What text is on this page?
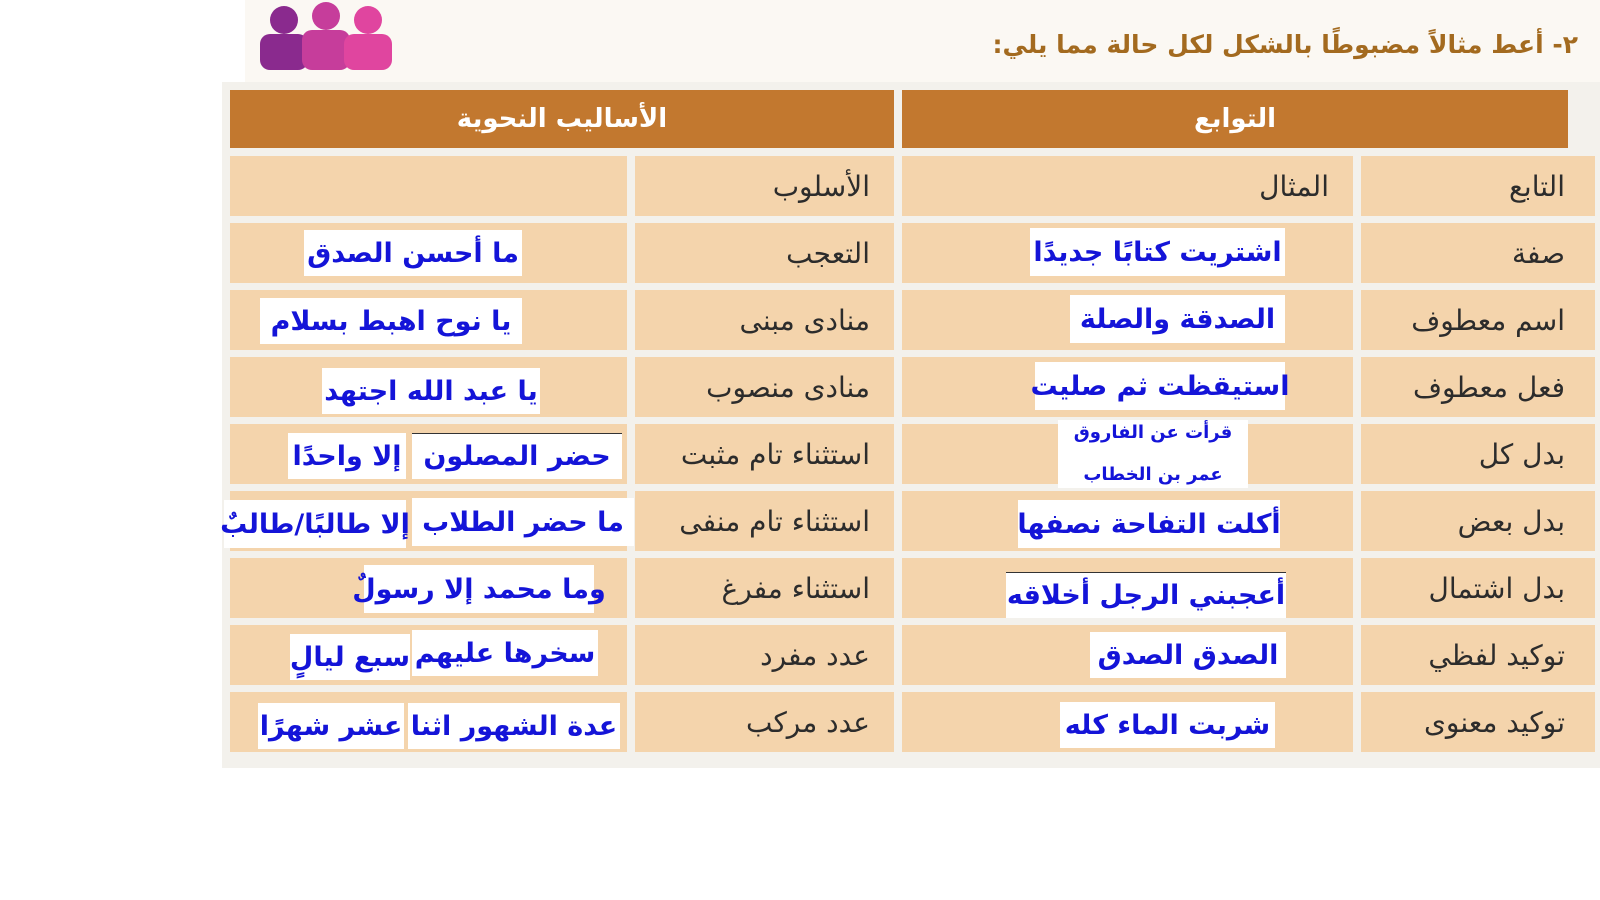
٢- أعط مثالاً مضبوطًا بالشكل لكل حالة مما يلي:
التوابع
الأساليب النحوية
التابع
المثال
الأسلوب
صفة
اشتريت كتابًا جديدًا
التعجب
ما أحسن الصدق
اسم معطوف
الصدقة والصلة
منادى مبنى
يا نوح اهبط بسلام
فعل معطوف
استيقظت ثم صليت
منادى منصوب
يا عبد الله اجتهد
بدل كل
قرأت عن الفاروق
عمر بن الخطاب
استثناء تام مثبت
حضر المصلون
إلا واحدًا
بدل بعض
أكلت التفاحة نصفها
استثناء تام منفى
ما حضر الطلاب
إلا طالبًا/طالبٌ
بدل اشتمال
أعجبني الرجل أخلاقه
استثناء مفرغ
وما محمد إلا رسولٌ
توكيد لفظي
الصدق الصدق
عدد مفرد
سخرها عليهم
سبع ليالٍ
توكيد معنوى
شربت الماء كله
عدد مركب
عدة الشهور اثنا
عشر شهرًا
